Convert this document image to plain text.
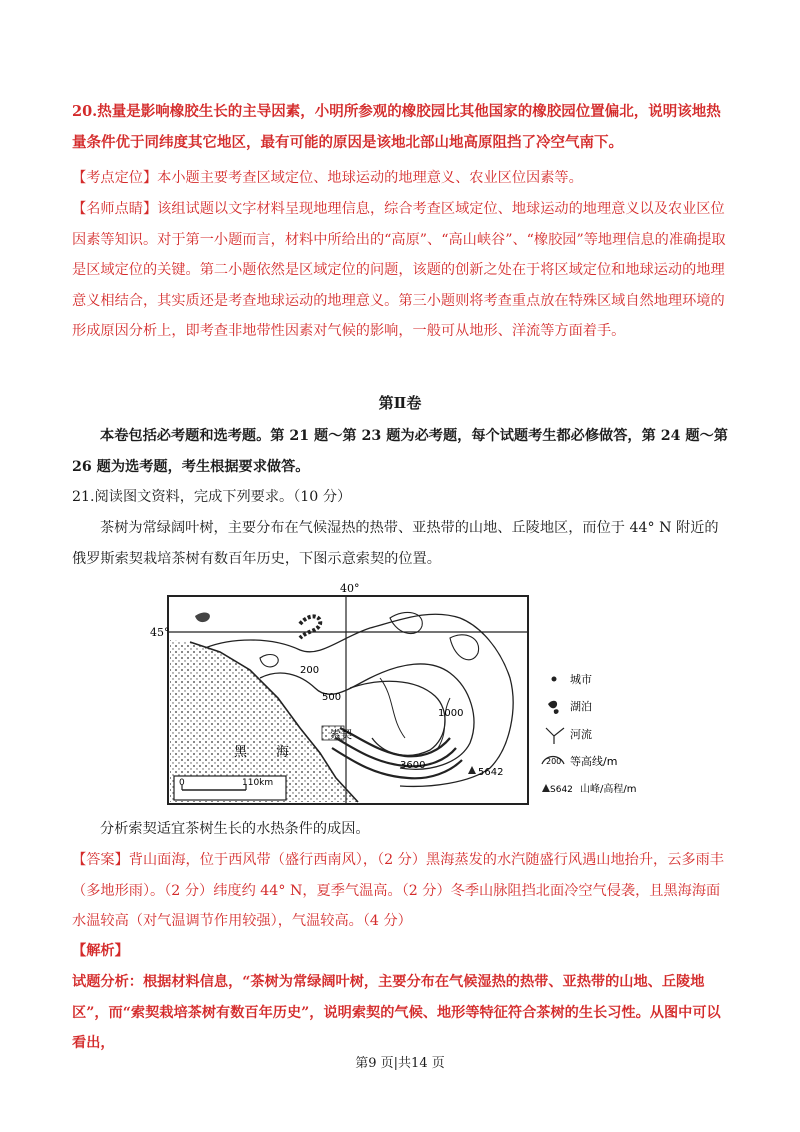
20.热量是影响橡胶生长的主导因素，小明所参观的橡胶园比其他国家的橡胶园位置偏北，说明该地热量条件优于同纬度其它地区，最有可能的原因是该地北部山地高原阻挡了冷空气南下。

【考点定位】本小题主要考查区域定位、地球运动的地理意义、农业区位因素等。

【名师点睛】该组试题以文字材料呈现地理信息，综合考查区域定位、地球运动的地理意义以及农业区位因素等知识。对于第一小题而言，材料中所给出的“高原”、“高山峡谷”、“橡胶园”等地理信息的准确提取是区域定位的关键。第二小题依然是区域定位的问题，该题的创新之处在于将区域定位和地球运动的地理意义相结合，其实质还是考查地球运动的地理意义。第三小题则将考查重点放在特殊区域自然地理环境的形成原因分析上，即考查非地带性因素对气候的影响，一般可从地形、洋流等方面着手。

第Ⅱ卷

本卷包括必考题和选考题。第 21 题～第 23 题为必考题，每个试题考生都必修做答，第 24 题～第 26 题为选考题，考生根据要求做答。

21.阅读图文资料，完成下列要求。（10 分）

茶树为常绿阔叶树，主要分布在气候湿热的热带、亚热带的山地、丘陵地区，而位于 44° N 附近的俄罗斯索契栽培茶树有数百年历史，下图示意索契的位置。

40°
45°
索契
黑 海
200
500
1000
3600
5642
0	110km
城市
湖泊
河流
200 等高线/m
S642 山峰/高程/m

分析索契适宜茶树生长的水热条件的成因。

【答案】背山面海，位于西风带（盛行西南风），（2 分）黑海蒸发的水汽随盛行风遇山地抬升，云多雨丰（多地形雨）。（2 分）纬度约 44° N，夏季气温高。（2 分）冬季山脉阻挡北面冷空气侵袭，且黑海海面水温较高（对气温调节作用较强），气温较高。（4 分）

【解析】

试题分析：根据材料信息，“茶树为常绿阔叶树，主要分布在气候湿热的热带、亚热带的山地、丘陵地区”，而“索契栽培茶树有数百年历史”，说明索契的气候、地形等特征符合茶树的生长习性。从图中可以看出，

第9 页|共14 页
